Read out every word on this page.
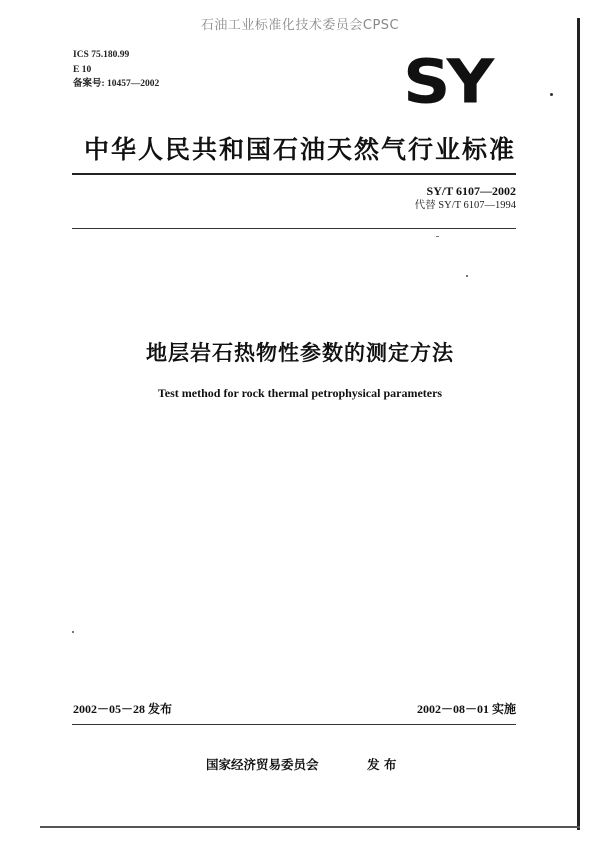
石油工业标准化技术委员会CPSC
ICS 75.180.99
E 10
备案号: 10457—2002	SY
中华人民共和国石油天然气行业标准
SY/T 6107—2002
代替 SY/T 6107—1994
地层岩石热物性参数的测定方法
Test method for rock thermal petrophysical parameters
2002－05－28 发布	2002－08－01 实施
国家经济贸易委员会	发 布
